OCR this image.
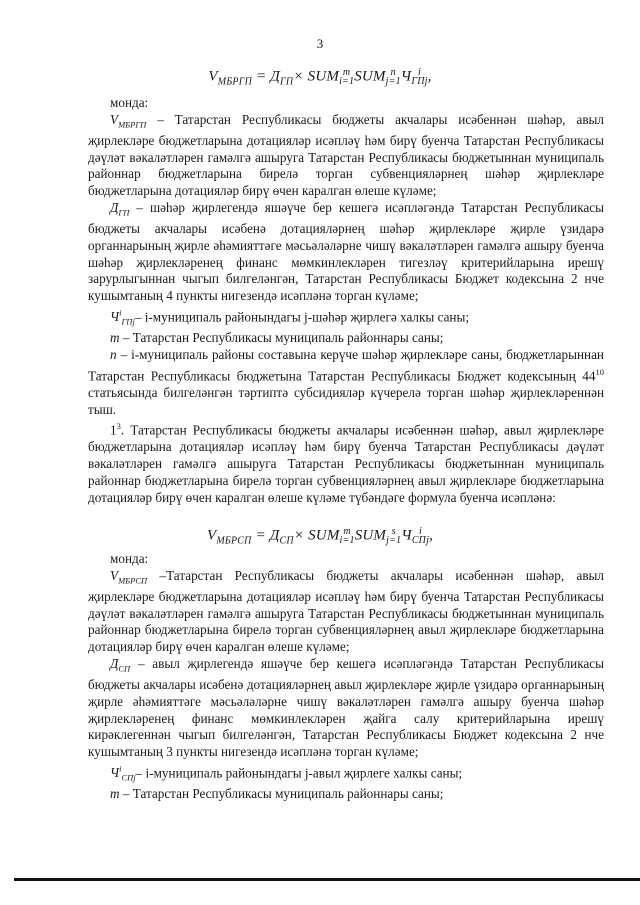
3
$V_{МБРГП} = Д_{ГП}\times$ SUM m
i=1 SUM n
j=1 Ч i
ГПj ,

монда:

$V_{МБРГП}$ – Татарстан Республикасы бюджеты акчалары исәбеннән шәһәр, авыл җирлекләре бюджетларына дотацияләр исәпләү һәм бирү буенча Татарстан Республикасы дәүләт вәкаләтләрен гамәлгә ашыруга Татарстан Республикасы бюджетыннан муниципаль районнар бюджетларына бирелә торган субвенцияләрнең шәһәр җирлекләре бюджетларына дотацияләр бирү өчен каралган өлеше күләме;

$Д_{ГП}$ – шәһәр җирлегендә яшәүче бер кешегә исәпләгәндә Татарстан Республикасы бюджеты акчалары исәбенә дотацияләрнең шәһәр җирлекләре җирле үзидарә органнарының җирле әһәмияттәге мәсьәләләрне чишү вәкаләтләрен гамәлгә ашыру буенча шәһәр җирлекләренең финанс мөмкинлекләрен тигезләү критерийларына ирешү зарурлыгыннан чыгып билгеләнгән, Татарстан Республикасы Бюджет кодексына 2 нче кушымтаның 4 пункты нигезендә исәпләнә торган күләме;

$Ч^i_{ГПj}-$ i-муниципаль районындагы j-шәһәр җирлегә халкы саны;

m – Татарстан Республикасы муниципаль районнары саны;

n – i-муниципаль районы составына керүче шәһәр җирлекләре саны, бюджетларыннан Татарстан Республикасы бюджетына Татарстан Республикасы Бюджет кодексының $44^{10}$ статьясында билгеләнгән тәртиптә субсидияләр күчерелә торган шәһәр җирлекләреннән тыш.

$1^3$. Татарстан Республикасы бюджеты акчалары исәбеннән шәһәр, авыл җирлекләре бюджетларына дотацияләр исәпләү һәм бирү буенча Татарстан Республикасы дәүләт вәкаләтләрен гамәлгә ашыруга Татарстан Республикасы бюджетыннан муниципаль районнар бюджетларына бирелә торган субвенцияләрнең авыл җирлекләре бюджетларына дотацияләр бирү өчен каралган өлеше күләме түбәндәге формула буенча исәпләнә:

$V_{МБРСП} = Д_{СП}\times$ SUM m
i=1 SUM s
j=1 Ч i
СПj ,

монда:

$V_{МБРСП}$ –Татарстан Республикасы бюджеты акчалары исәбеннән шәһәр, авыл җирлекләре бюджетларына дотацияләр исәпләү һәм бирү буенча Татарстан Республикасы дәүләт вәкаләтләрен гамәлгә ашыруга Татарстан Республикасы бюджетыннан муниципаль районнар бюджетларына бирелә торган субвенцияләрнең авыл җирлекләре бюджетларына дотацияләр бирү өчен каралган өлеше күләме;

$Д_{СП}$ – авыл җирлегендә яшәүче бер кешегә исәпләгәндә Татарстан Республикасы бюджеты акчалары исәбенә дотацияләрнең авыл җирлекләре җирле үзидарә органнарының җирле әһәмияттәге мәсьәләләрне чишү вәкаләтләрен гамәлгә ашыру буенча шәһәр җирлекләренең финанс мөмкинлекләрен җайга салу критерийларына ирешү кирәклегеннән чыгып билгеләнгән, Татарстан Республикасы Бюджет кодексына 2 нче кушымтаның 3 пункты нигезендә исәпләнә торган күләме;

$Ч^i_{СПj}-$ i-муниципаль районындагы j-авыл җирлеге халкы саны;

m – Татарстан Республикасы муниципаль районнары саны;
